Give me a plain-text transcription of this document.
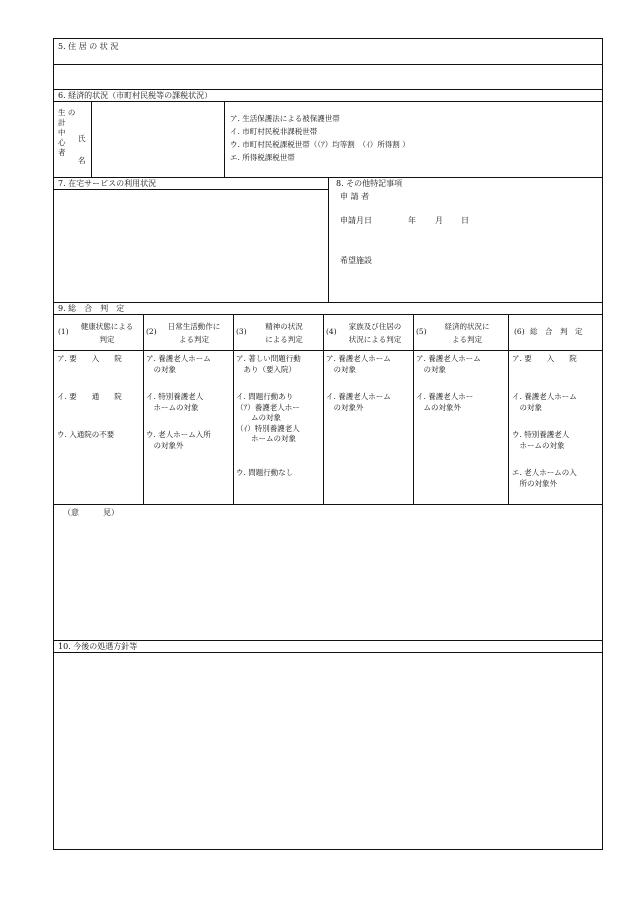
5. 住 居 の 状 況
6. 経済的状況（市町村民税等の課税状況）
生 の
計
中
心
者
氏
名
ア. 生活保護法による被保護世帯
イ. 市町村民税非課税世帯
ウ. 市町村民税課税世帯（（ｱ）均等割　（ｲ）所得割 ）
エ. 所得税課税世帯
7. 在宅サービスの利用状況	8. その他特記事項
申 請 者
申請月日	年 月 日
希望施設
9. 総　合　判　定
(1)
健康状態による
判定
(2)
日常生活動作に
よる判定
(3)
精神の状況
による判定
(4)
家族及び住居の
状況による判定
(5)
経済的状況に
よる判定
(6) 総　合　判　定
ア. 要　　入　　院
イ. 要　　通　　院
ウ. 入通院の不要
ア. 養護老人ホーム
　の対象
イ. 特別養護老人
　ホームの対象
ウ. 老人ホーム入所
　の対象外
ア. 著しい問題行動
　あり（要入院）
イ. 問題行動あり
（ｱ）養護老人ホー
　　ムの対象
（ｲ）特別養護老人
　　ホームの対象
ウ. 問題行動なし
ア. 養護老人ホーム
　の対象
イ. 養護老人ホーム
　の対象外
ア. 養護老人ホーム
　の対象
イ. 養護老人ホー
　ムの対象外
ア. 要　　入　　院
イ. 養護老人ホーム
　の対象
ウ. 特別養護老人
　ホームの対象
エ. 老人ホームの入
　所の対象外
（意　　　見）
10. 今後の処遇方針等
